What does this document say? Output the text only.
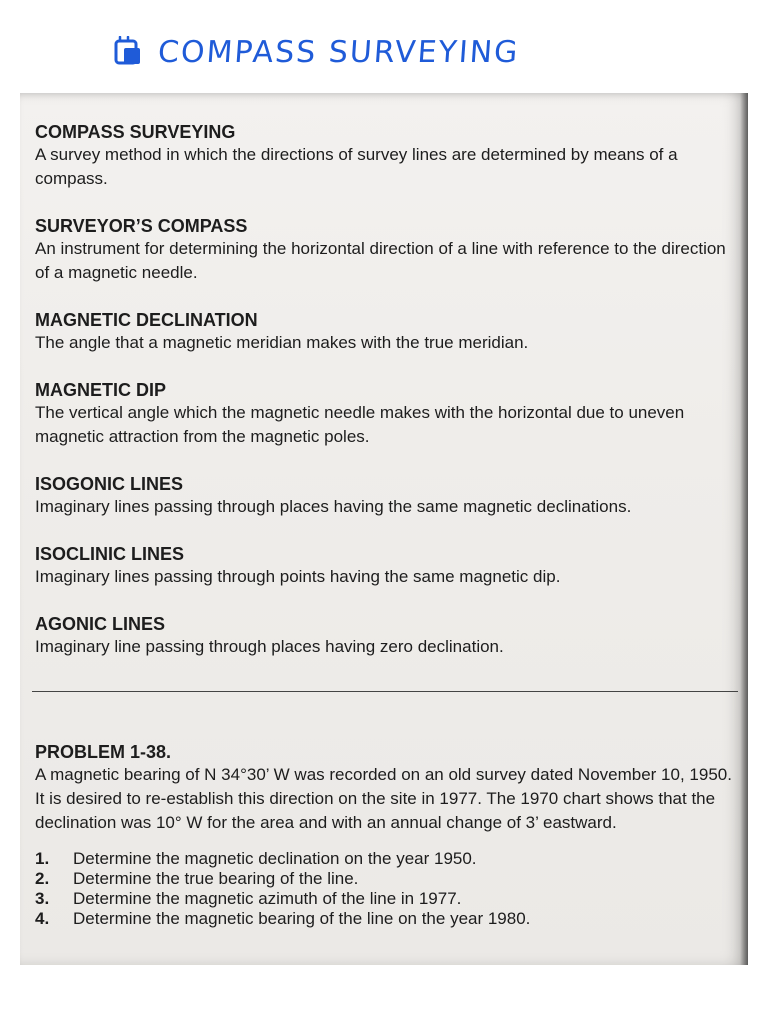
COMPASS SURVEYING
COMPASS SURVEYING

A survey method in which the directions of survey lines are determined by means of a compass.

SURVEYOR’S COMPASS

An instrument for determining the horizontal direction of a line with reference to the direction of a magnetic needle.

MAGNETIC DECLINATION

The angle that a magnetic meridian makes with the true meridian.

MAGNETIC DIP

The vertical angle which the magnetic needle makes with the horizontal due to uneven magnetic attraction from the magnetic poles.

ISOGONIC LINES

Imaginary lines passing through places having the same magnetic declinations.

ISOCLINIC LINES

Imaginary lines passing through points having the same magnetic dip.

AGONIC LINES

Imaginary line passing through places having zero declination.

PROBLEM 1-38.

A magnetic bearing of N 34°30’ W was recorded on an old survey dated November 10, 1950. It is desired to re-establish this direction on the site in 1977. The 1970 chart shows that the declination was 10° W for the area and with an annual change of 3’ eastward.

1.	Determine the magnetic declination on the year 1950.
2.	Determine the true bearing of the line.
3.	Determine the magnetic azimuth of the line in 1977.
4.	Determine the magnetic bearing of the line on the year 1980.
